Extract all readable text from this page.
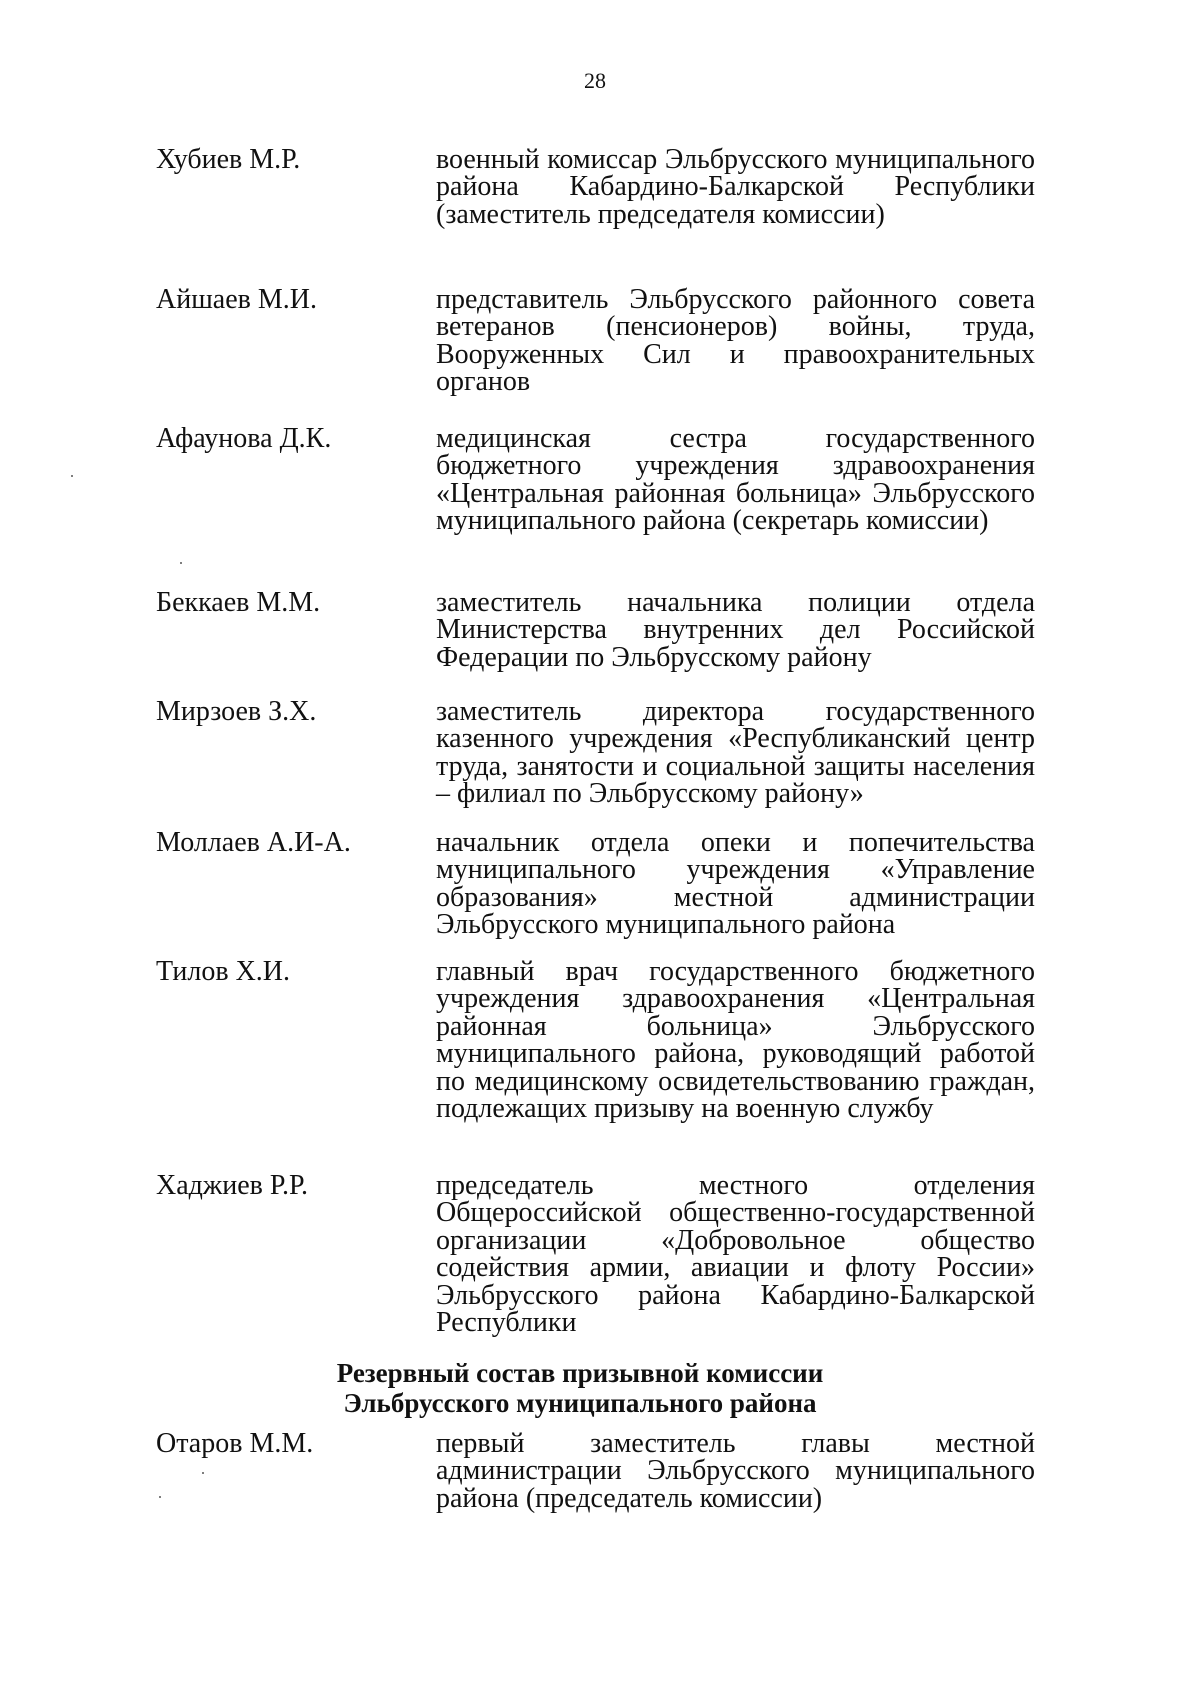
28
Хубиев М.Р.	военный комиссар Эльбрусского муниципального района Кабардино-Балкарской Республики (заместитель председателя комиссии)
Айшаев М.И.	представитель Эльбрусского районного совета ветеранов (пенсионеров) войны, труда, Вооруженных Сил и правоохранительных органов
Афаунова Д.К.	медицинская сестра государственного бюджетного учреждения здравоохранения «Центральная районная больница» Эльбрусского муниципального района (секретарь комиссии)
Беккаев М.М.	заместитель начальника полиции отдела Министерства внутренних дел Российской Федерации по Эльбрусскому району
Мирзоев З.Х.	заместитель директора государственного казенного учреждения «Республиканский центр труда, занятости и социальной защиты населения – филиал по Эльбрусскому району»
Моллаев А.И-А.	начальник отдела опеки и попечительства муниципального учреждения «Управление образования» местной администрации Эльбрусского муниципального района
Тилов Х.И.	главный врач государственного бюджетного учреждения здравоохранения «Центральная районная больница» Эльбрусского муниципального района, руководящий работой по медицинскому освидетельствованию граждан, подлежащих призыву на военную службу
Хаджиев Р.Р.	председатель местного отделения Общероссийской общественно-государственной организации «Добровольное общество содействия армии, авиации и флоту России» Эльбрусского района Кабардино-Балкарской Республики
Резервный состав призывной комиссии
Эльбрусского муниципального района
Отаров М.М.	первый заместитель главы местной администрации Эльбрусского муниципального района (председатель комиссии)
